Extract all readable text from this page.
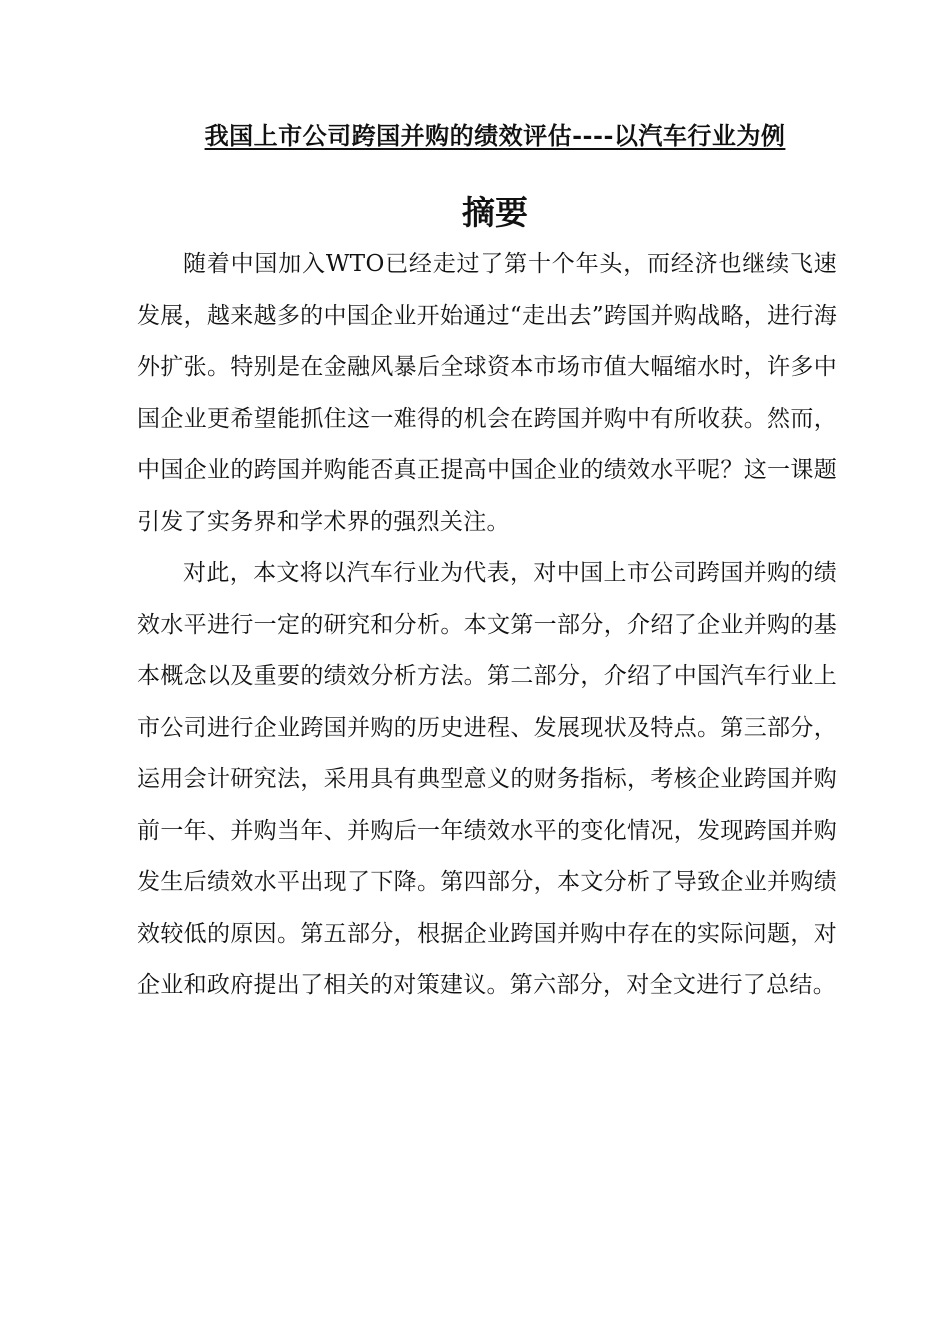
我国上市公司跨国并购的绩效评估----以汽车行业为例
摘要

随着中国加入WTO已经走过了第十个年头，而经济也继续飞速发展，越来越多的中国企业开始通过“走出去”跨国并购战略，进行海外扩张。特别是在金融风暴后全球资本市场市值大幅缩水时，许多中国企业更希望能抓住这一难得的机会在跨国并购中有所收获。然而，中国企业的跨国并购能否真正提高中国企业的绩效水平呢？这一课题引发了实务界和学术界的强烈关注。

对此，本文将以汽车行业为代表，对中国上市公司跨国并购的绩效水平进行一定的研究和分析。本文第一部分，介绍了企业并购的基本概念以及重要的绩效分析方法。第二部分，介绍了中国汽车行业上市公司进行企业跨国并购的历史进程、发展现状及特点。第三部分，运用会计研究法，采用具有典型意义的财务指标，考核企业跨国并购前一年、并购当年、并购后一年绩效水平的变化情况，发现跨国并购发生后绩效水平出现了下降。第四部分，本文分析了导致企业并购绩效较低的原因。第五部分，根据企业跨国并购中存在的实际问题，对企业和政府提出了相关的对策建议。第六部分，对全文进行了总结。
